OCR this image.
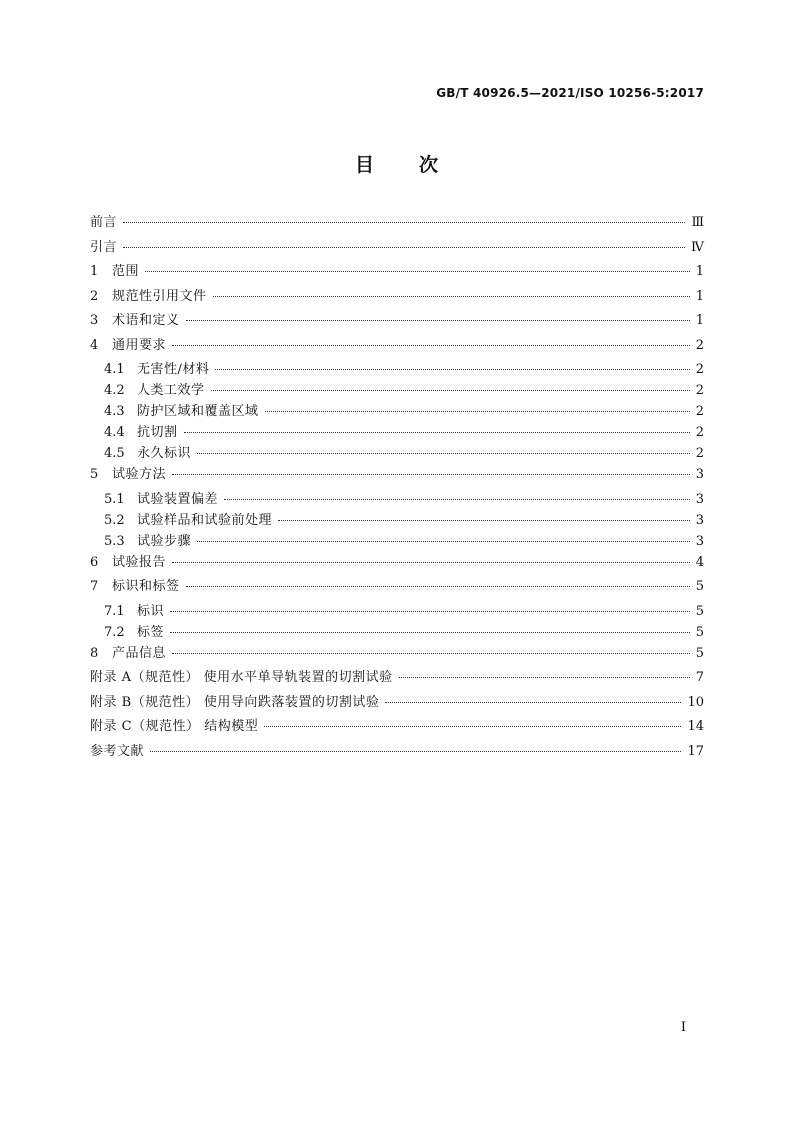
GB/T 40926.5—2021/ISO 10256-5:2017
目 次
前言	Ⅲ
引言	Ⅳ
1	范围	1
2	规范性引用文件	1
3	术语和定义	1
4	通用要求	2
4.1 无害性/材料	2
4.2 人类工效学	2
4.3 防护区域和覆盖区域	2
4.4 抗切割	2
4.5 永久标识	2
5	试验方法	3
5.1 试验装置偏差	3
5.2 试验样品和试验前处理	3
5.3 试验步骤	3
6	试验报告	4
7	标识和标签	5
7.1 标识	5
7.2 标签	5
8	产品信息	5
附录 A（规范性） 使用水平单导轨装置的切割试验	7
附录 B（规范性） 使用导向跌落装置的切割试验	10
附录 C（规范性） 结构模型	14
参考文献	17
I
